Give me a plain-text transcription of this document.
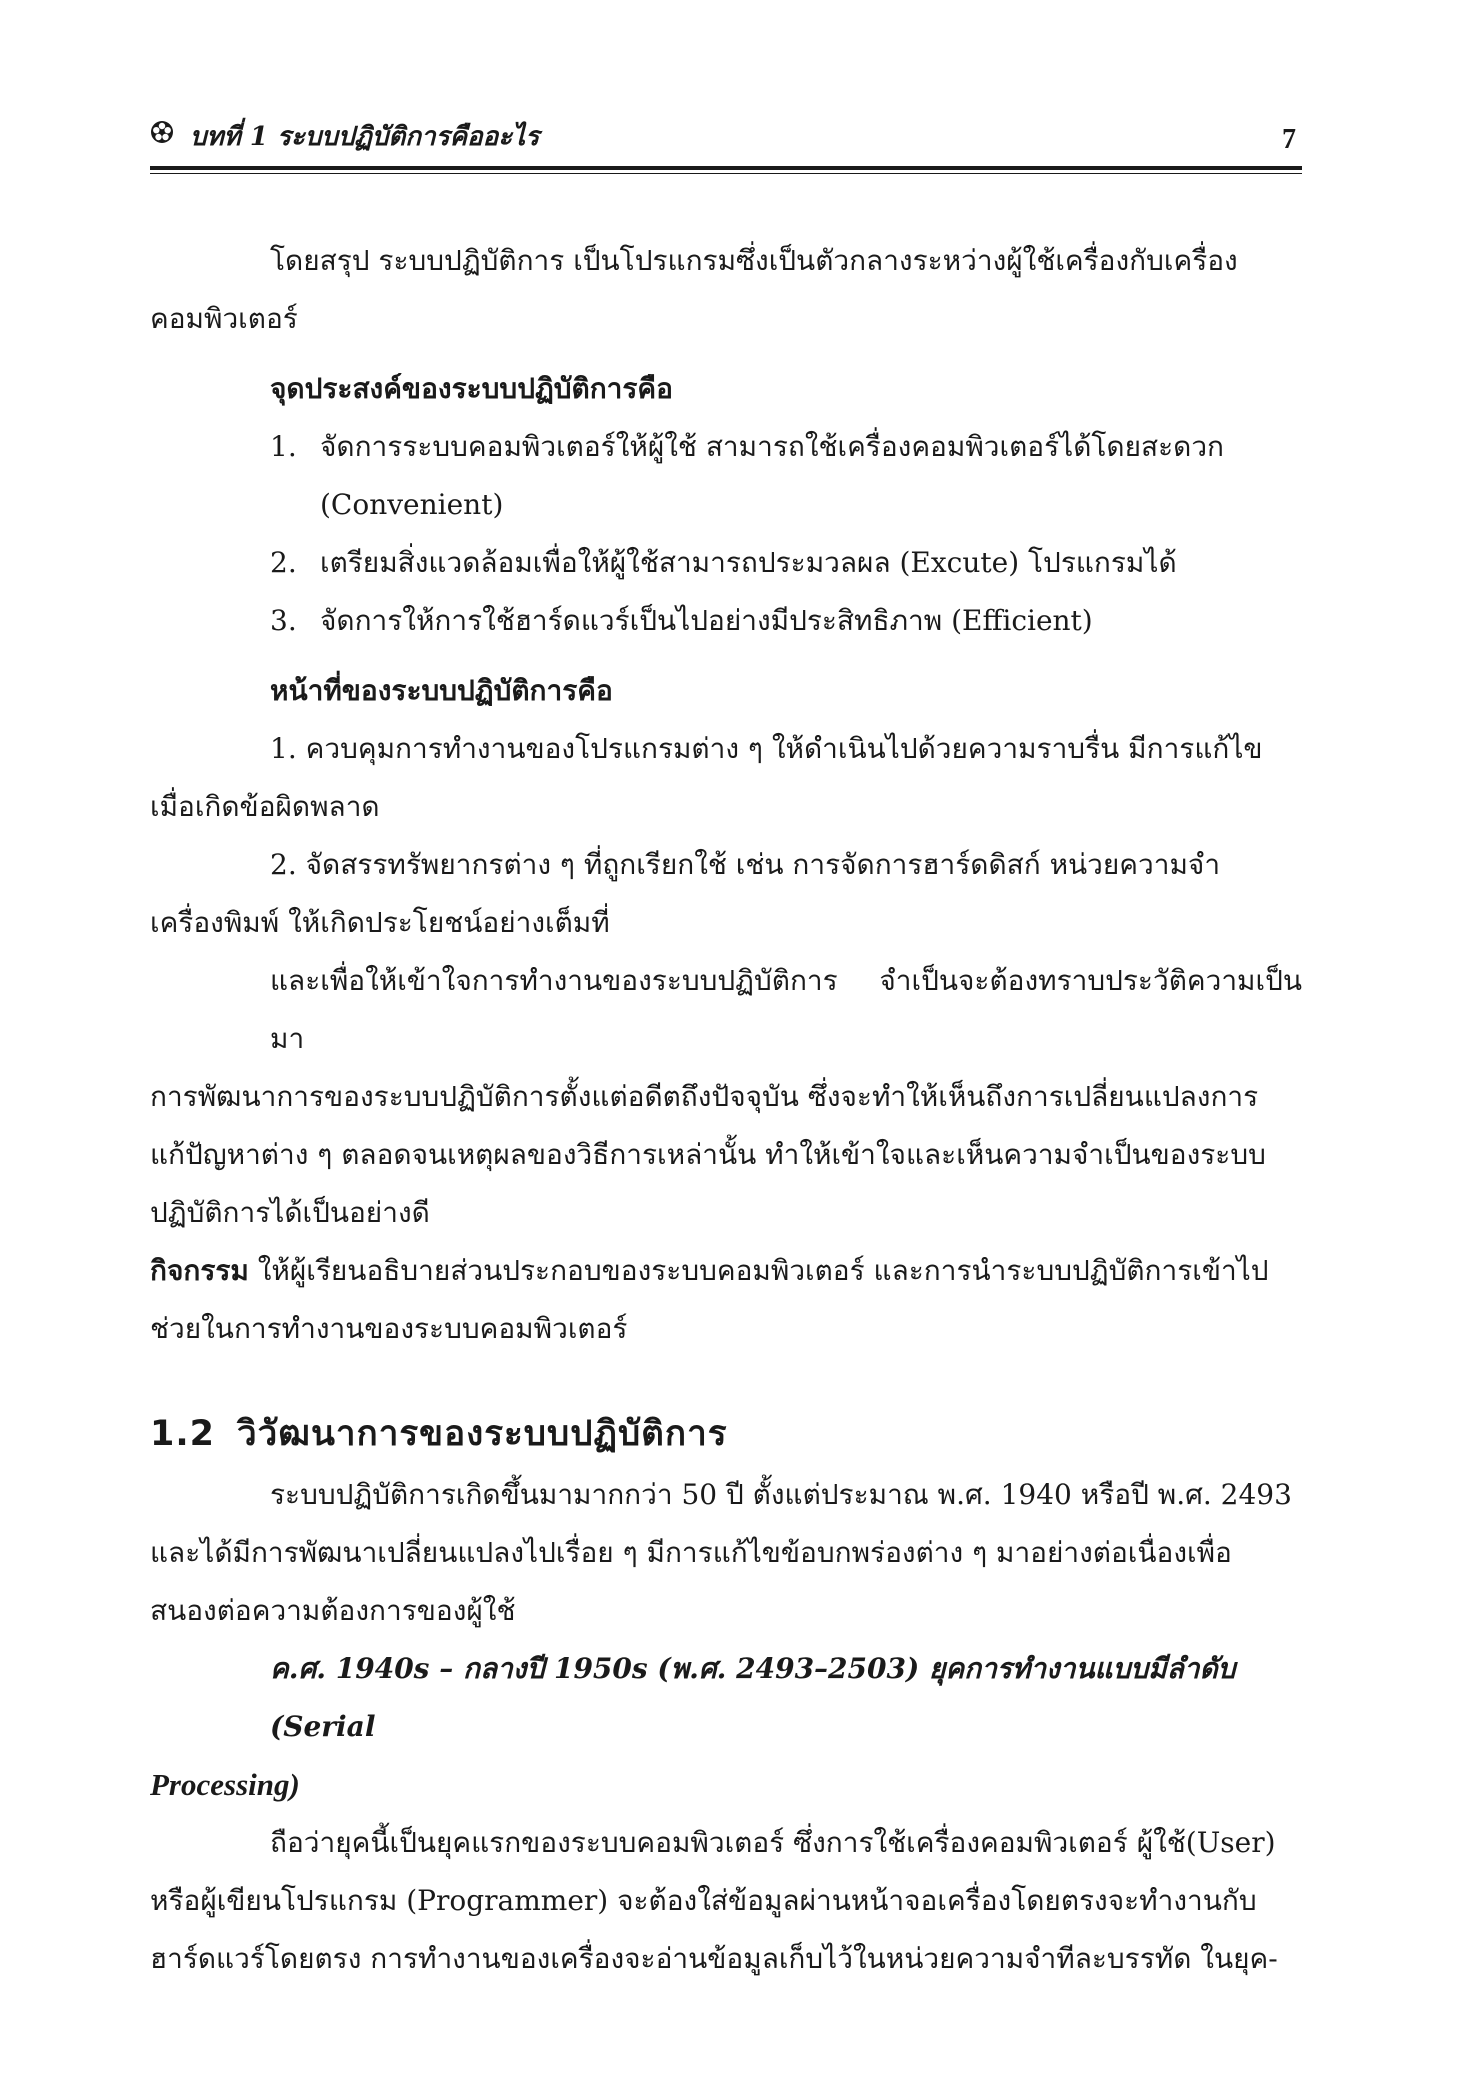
บทที่ 1 ระบบปฏิบัติการคืออะไร	7

โดยสรุป ระบบปฏิบัติการ เป็นโปรแกรมซึ่งเป็นตัวกลางระหว่างผู้ใช้เครื่องกับเครื่อง
คอมพิวเตอร์

จุดประสงค์ของระบบปฏิบัติการคือ
1. จัดการระบบคอมพิวเตอร์ให้ผู้ใช้ สามารถใช้เครื่องคอมพิวเตอร์ได้โดยสะดวก
(Convenient)
2. เตรียมสิ่งแวดล้อมเพื่อให้ผู้ใช้สามารถประมวลผล (Excute) โปรแกรมได้
3. จัดการให้การใช้ฮาร์ดแวร์เป็นไปอย่างมีประสิทธิภาพ (Efficient)
หน้าที่ของระบบปฏิบัติการคือ

1. ควบคุมการทำงานของโปรแกรมต่าง ๆ ให้ดำเนินไปด้วยความราบรื่น มีการแก้ไข
เมื่อเกิดข้อผิดพลาด

2. จัดสรรทรัพยากรต่าง ๆ ที่ถูกเรียกใช้ เช่น การจัดการฮาร์ดดิสก์ หน่วยความจำ
เครื่องพิมพ์ ให้เกิดประโยชน์อย่างเต็มที่

และเพื่อให้เข้าใจการทำงานของระบบปฏิบัติการ จำเป็นจะต้องทราบประวัติความเป็นมา
การพัฒนาการของระบบปฏิบัติการตั้งแต่อดีตถึงปัจจุบัน ซึ่งจะทำให้เห็นถึงการเปลี่ยนแปลงการ
แก้ปัญหาต่าง ๆ ตลอดจนเหตุผลของวิธีการเหล่านั้น ทำให้เข้าใจและเห็นความจำเป็นของระบบ
ปฏิบัติการได้เป็นอย่างดี

กิจกรรม ให้ผู้เรียนอธิบายส่วนประกอบของระบบคอมพิวเตอร์ และการนำระบบปฏิบัติการเข้าไป
ช่วยในการทำงานของระบบคอมพิวเตอร์

1.2 วิวัฒนาการของระบบปฏิบัติการ

ระบบปฏิบัติการเกิดขึ้นมามากกว่า 50 ปี ตั้งแต่ประมาณ พ.ศ. 1940 หรือปี พ.ศ. 2493
และได้มีการพัฒนาเปลี่ยนแปลงไปเรื่อย ๆ มีการแก้ไขข้อบกพร่องต่าง ๆ มาอย่างต่อเนื่องเพื่อ
สนองต่อความต้องการของผู้ใช้

ค.ศ. 1940s – กลางปี 1950s (พ.ศ. 2493–2503) ยุคการทำงานแบบมีลำดับ (Serial
Processing)

ถือว่ายุคนี้เป็นยุคแรกของระบบคอมพิวเตอร์ ซึ่งการใช้เครื่องคอมพิวเตอร์ ผู้ใช้(User)
หรือผู้เขียนโปรแกรม (Programmer) จะต้องใส่ข้อมูลผ่านหน้าจอเครื่องโดยตรงจะทำงานกับ
ฮาร์ดแวร์โดยตรง การทำงานของเครื่องจะอ่านข้อมูลเก็บไว้ในหน่วยความจำทีละบรรทัด ในยุค-
